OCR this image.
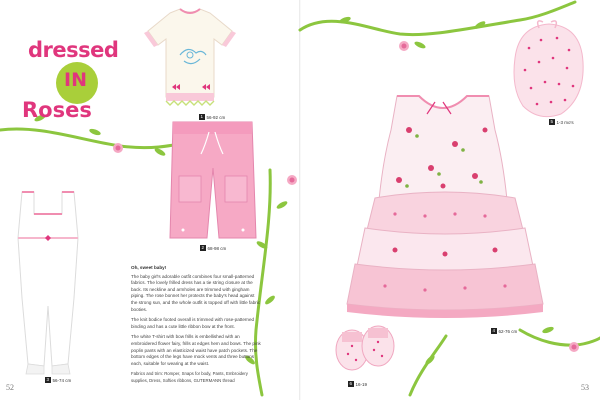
dressed
IN
Roses	1 56-92 cm
2 68-98 cm
3 56-74 cm

Oh, sweet baby!

The baby girl's adorable outfit combines four small-patterned fabrics. The lovely frilled dress has a tie string closure at the back. Its neckline and armholes are trimmed with gingham piping. The rose bonnet her protects the baby's head against the strong sun, and the whole outfit is topped off with little fabric booties.

The knit bodice footed overall is trimmed with rose-patterned binding and has a cute little ribbon bow at the front.

The white T-shirt with bow frills is embellished with an embroidered flower fairy, frills at edges hem and bows. The pink poplin pants with an elasticized waist have patch pockets. The bottom edges of the legs have mock vents and three buttons each, suitable for wearing at the waist.

Fabrics and trim: Romper, Snaps for body, Pants, Embroidery supplies, Dress, Softies ribbons, GUTERMANN thread

5 1-3 mo's
4 62-76 cm
6 16-19
52	53
